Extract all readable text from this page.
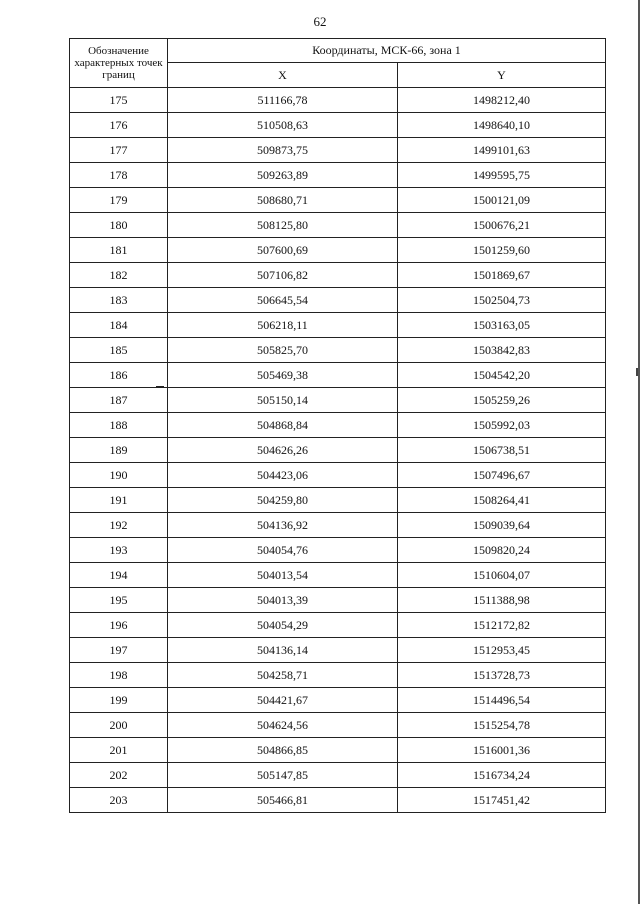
62
Обозначение характерных точек границ	Координаты, МСК-66, зона 1	
	X	Y
175	511166,78	1498212,40
176	510508,63	1498640,10
177	509873,75	1499101,63
178	509263,89	1499595,75
179	508680,71	1500121,09
180	508125,80	1500676,21
181	507600,69	1501259,60
182	507106,82	1501869,67
183	506645,54	1502504,73
184	506218,11	1503163,05
185	505825,70	1503842,83
186	505469,38	1504542,20
187	505150,14	1505259,26
188	504868,84	1505992,03
189	504626,26	1506738,51
190	504423,06	1507496,67
191	504259,80	1508264,41
192	504136,92	1509039,64
193	504054,76	1509820,24
194	504013,54	1510604,07
195	504013,39	1511388,98
196	504054,29	1512172,82
197	504136,14	1512953,45
198	504258,71	1513728,73
199	504421,67	1514496,54
200	504624,56	1515254,78
201	504866,85	1516001,36
202	505147,85	1516734,24
203	505466,81	1517451,42
